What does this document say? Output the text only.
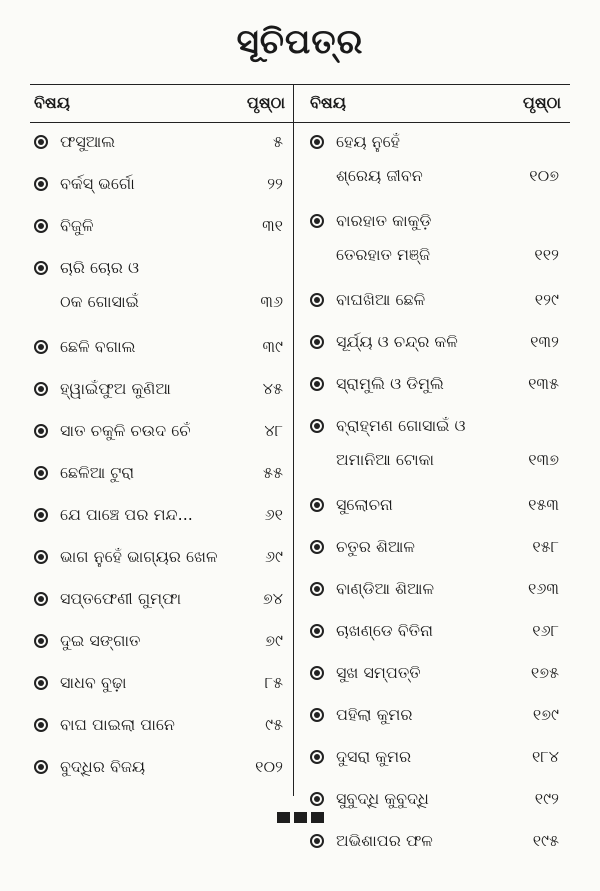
ସୂଚିପତ୍ର
ବିଷୟ	ପୃଷ୍ଠା
ଫସୁଆଲ	୫
ବର୍କସ୍ ଭର୍ଗୋ	୨୨
ବିଜୁଳି	୩୧
ଚାରି ଚୋର ଓ
ଠକ ଗୋସାଇଁ	୩୬
ଛେଳି ବଗାଲ	୩୯
ହ୍ୱାଇଁଫୁଅ କୁଣିଆ	୪୫
ସାତ ଚକୁଳି ଚଉଦ ଚେଁ	୪୮
ଛେଳିଆ ଟୁରା	୫୫
ଯେ ପାଞ୍ଚେ ପର ମନ୍ଦ...	୬୧
ଭାଗ ନୁହେଁ ଭାଗ୍ୟର ଖେଳ	୬୯
ସପ୍ତଫେଣୀ ଗୁମ୍ଫା	୭୪
ଦୁଇ ସଙ୍ଗାତ	୭୯
ସାଧବ ବୁଢ଼ା	୮୫
ବାଘ ପାଇଲା ପାନେ	୯୫
ବୁଦ୍ଧିର ବିଜୟ	୧୦୨
ବିଷୟ	ପୃଷ୍ଠା
ହେୟ ନୁହେଁ
ଶ୍ରେୟ ଜୀବନ	୧୦୭
ବାରହାତ କାକୁଡ଼ି
ତେରହାତ ମଞ୍ଜି	୧୧୨
ବାଘଖିଆ ଛେଳି	୧୨୯
ସୂର୍ଯ୍ୟ ଓ ଚନ୍ଦ୍ର କଳି	୧୩୨
ସ୍ରାମୁଲି ଓ ଡିମୁଲି	୧୩୫
ବ୍ରାହ୍ମଣ ଗୋସାଇଁ ଓ
ଅମାନିଆ ଟୋକା	୧୩୭
ସୁଲୋଚନା	୧୫୩
ଚତୁର ଶିଆଳ	୧୫୮
ବାଣ୍ଡିଆ ଶିଆଳ	୧୬୩
ଚାଖଣ୍ଡେ ବିତିନା	୧୬୮
ସୁଖ ସମ୍ପତ୍ତି	୧୭୫
ପହିଲା କୁମର	୧୭୯
ଦୁସରା କୁମର	୧୮୪
ସୁବୁଦ୍ଧି କୁବୁଦ୍ଧି	୧୯୨
ଅଭିଶାପର ଫଳ	୧୯୫
